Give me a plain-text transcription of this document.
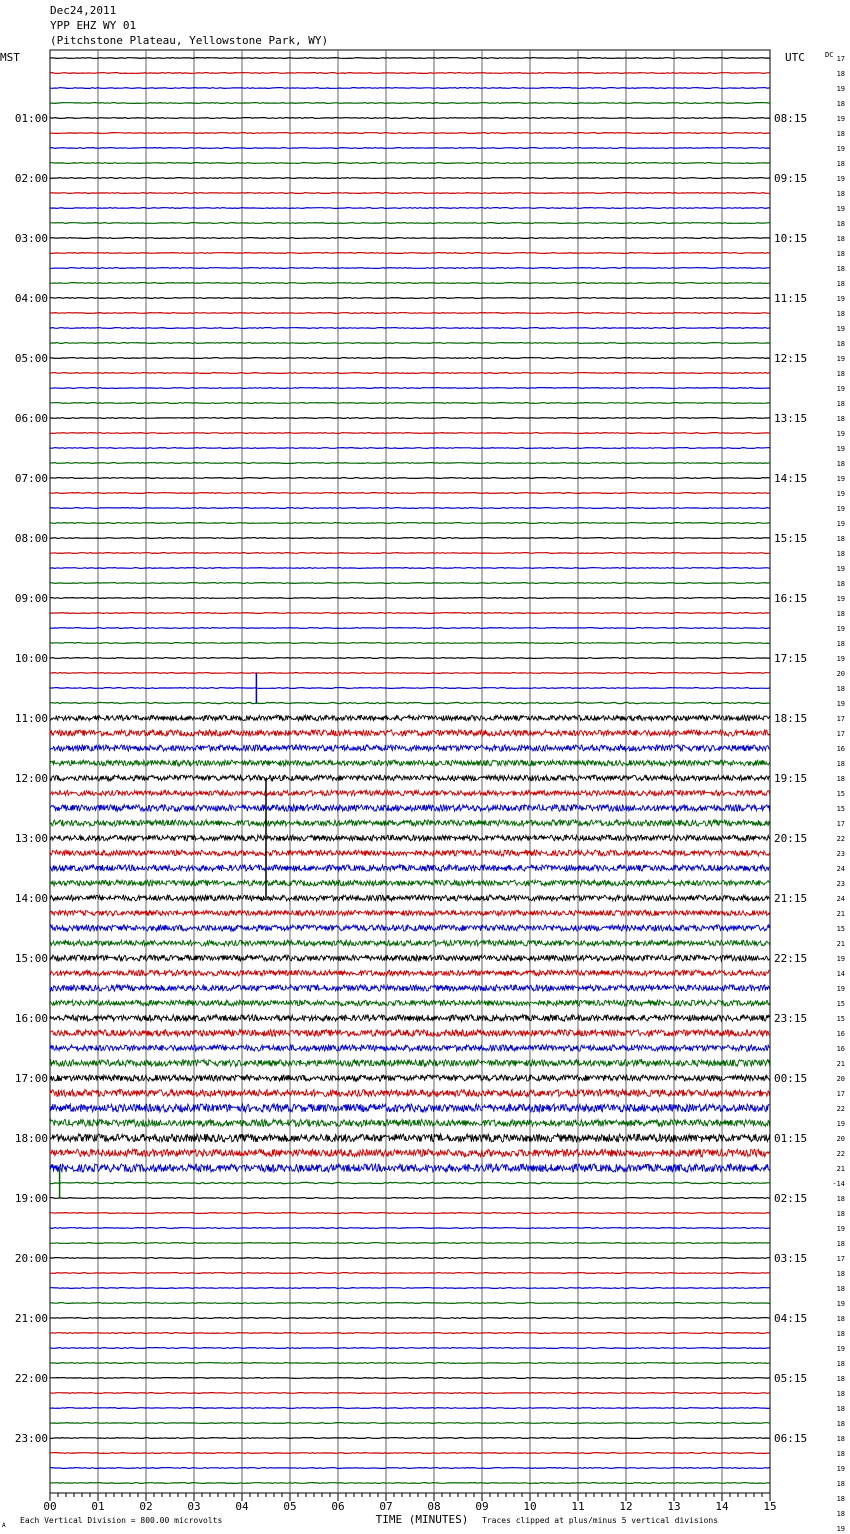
Dec24,2011
YPP EHZ WY 01
(Pitchstone Plateau, Yellowstone Park, WY)
MST	UTC	DC
01:00
02:00
03:00
04:00
05:00
06:00
07:00
08:00
09:00
10:00
11:00
12:00
13:00
14:00
15:00
16:00
17:00
18:00
19:00
20:00
21:00
22:00
23:00
08:15
09:15
10:15
11:15
12:15
13:15
14:15
15:15
16:15
17:15
18:15
19:15
20:15
21:15
22:15
23:15
00:15
01:15
02:15
03:15
04:15
05:15
06:15
17
18
19
18
19
18
19
18
19
18
19
18
18
18
18
18
19
18
19
18
19
18
19
18
18
19
19
18
19
19
19
19
18
18
19
18
19
18
19
18
19
20
18
19
17
17
16
18
18
15
15
17
22
23
24
23
24
21
15
21
19
14
19
15
15
16
16
21
20
17
22
19
20
22
21
-14
18
18
19
18
17
18
18
19
18
18
19
18
18
18
18
18
18
18
19
18
18
18
19
00	01	02	03	04	05	06	07	08	09	10	11	12	13	14	15
TIME (MINUTES)
Each Vertical Division = 800.00 microvolts	Traces clipped at plus/minus 5 vertical divisions
A
